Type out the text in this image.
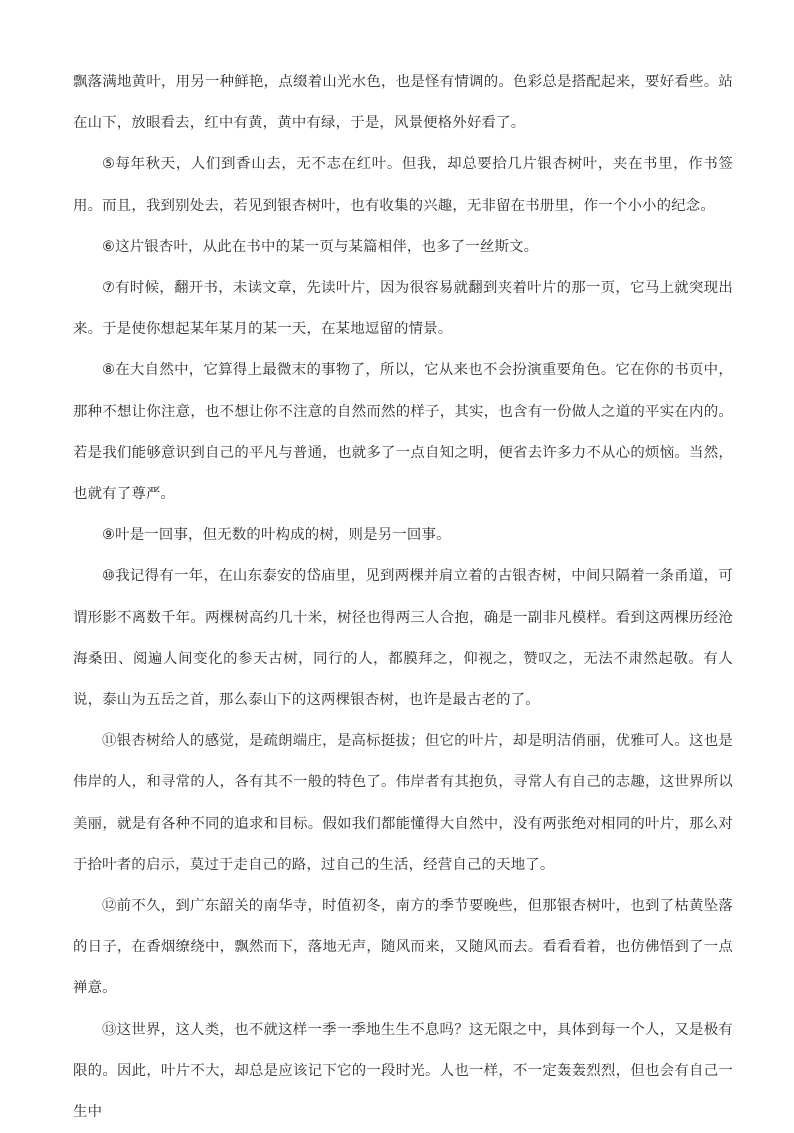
飘落满地黄叶，用另一种鲜艳，点缀着山光水色，也是怪有情调的。色彩总是搭配起来，要好看些。站在山下，放眼看去，红中有黄，黄中有绿，于是，风景便格外好看了。

⑤每年秋天，人们到香山去，无不志在红叶。但我，却总要拾几片银杏树叶，夹在书里，作书签用。而且，我到别处去，若见到银杏树叶，也有收集的兴趣，无非留在书册里，作一个小小的纪念。

⑥这片银杏叶，从此在书中的某一页与某篇相伴，也多了一丝斯文。

⑦有时候，翻开书，未读文章，先读叶片，因为很容易就翻到夹着叶片的那一页，它马上就突现出来。于是使你想起某年某月的某一天，在某地逗留的情景。

⑧在大自然中，它算得上最微末的事物了，所以，它从来也不会扮演重要角色。它在你的书页中，那种不想让你注意，也不想让你不注意的自然而然的样子，其实，也含有一份做人之道的平实在内的。若是我们能够意识到自己的平凡与普通，也就多了一点自知之明，便省去许多力不从心的烦恼。当然，也就有了尊严。

⑨叶是一回事，但无数的叶构成的树，则是另一回事。

⑩我记得有一年，在山东泰安的岱庙里，见到两棵并肩立着的古银杏树，中间只隔着一条甬道，可谓形影不离数千年。两棵树高约几十米，树径也得两三人合抱，确是一副非凡模样。看到这两棵历经沧海桑田、阅遍人间变化的参天古树，同行的人，都膜拜之，仰视之，赞叹之，无法不肃然起敬。有人说，泰山为五岳之首，那么泰山下的这两棵银杏树，也许是最古老的了。

⑪银杏树给人的感觉，是疏朗端庄，是高标挺拔；但它的叶片，却是明洁俏丽，优雅可人。这也是伟岸的人，和寻常的人，各有其不一般的特色了。伟岸者有其抱负，寻常人有自己的志趣，这世界所以美丽，就是有各种不同的追求和目标。假如我们都能懂得大自然中，没有两张绝对相同的叶片，那么对于拾叶者的启示，莫过于走自己的路，过自己的生活，经营自己的天地了。

⑫前不久，到广东韶关的南华寺，时值初冬，南方的季节要晚些，但那银杏树叶，也到了枯黄坠落的日子，在香烟缭绕中，飘然而下，落地无声，随风而来，又随风而去。看看看着，也仿佛悟到了一点禅意。

⑬这世界，这人类，也不就这样一季一季地生生不息吗？这无限之中，具体到每一个人，又是极有限的。因此，叶片不大，却总是应该记下它的一段时光。人也一样，不一定轰轰烈烈，但也会有自己一生中
